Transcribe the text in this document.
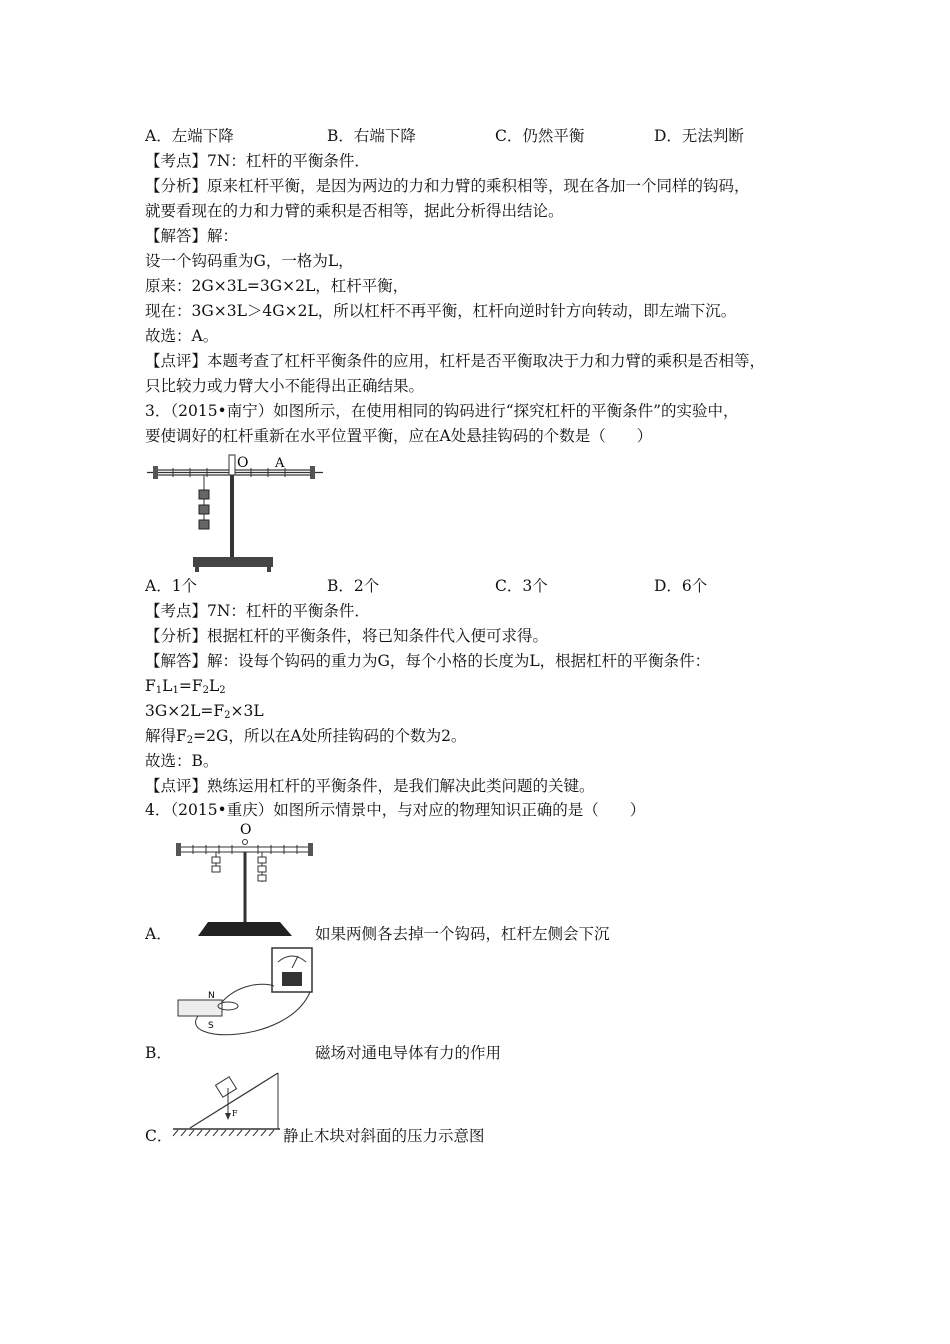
A．左端下降	B．右端下降	C．仍然平衡	D．无法判断
【考点】7N：杠杆的平衡条件．
【分析】原来杠杆平衡，是因为两边的力和力臂的乘积相等，现在各加一个同样的钩码，
就要看现在的力和力臂的乘积是否相等，据此分析得出结论。
【解答】解：
设一个钩码重为G，一格为L，
原来：2G×3L=3G×2L，杠杆平衡，
现在：3G×3L＞4G×2L，所以杠杆不再平衡，杠杆向逆时针方向转动，即左端下沉。
故选：A。
【点评】本题考查了杠杆平衡条件的应用，杠杆是否平衡取决于力和力臂的乘积是否相等，
只比较力或力臂大小不能得出正确结果。
3．（2015•南宁）如图所示，在使用相同的钩码进行“探究杠杆的平衡条件”的实验中，
要使调好的杠杆重新在水平位置平衡，应在A处悬挂钩码的个数是（　　）
O A
A．1个	B．2个	C．3个	D．6个
【考点】7N：杠杆的平衡条件．
【分析】根据杠杆的平衡条件，将已知条件代入便可求得。
【解答】解：设每个钩码的重力为G，每个小格的长度为L，根据杠杆的平衡条件：
$F_1L_1=F_2L_2$
$3G\times 2L=F_2\times 3L$
解得$F_2=2G$，所以在A处所挂钩码的个数为2。
故选：B。
【点评】熟练运用杠杆的平衡条件，是我们解决此类问题的关键。
4．（2015•重庆）如图所示情景中，与对应的物理知识正确的是（　　）
O
A．	如果两侧各去掉一个钩码，杠杆左侧会下沉
N
S
B．	磁场对通电导体有力的作用
F
C．	静止木块对斜面的压力示意图
